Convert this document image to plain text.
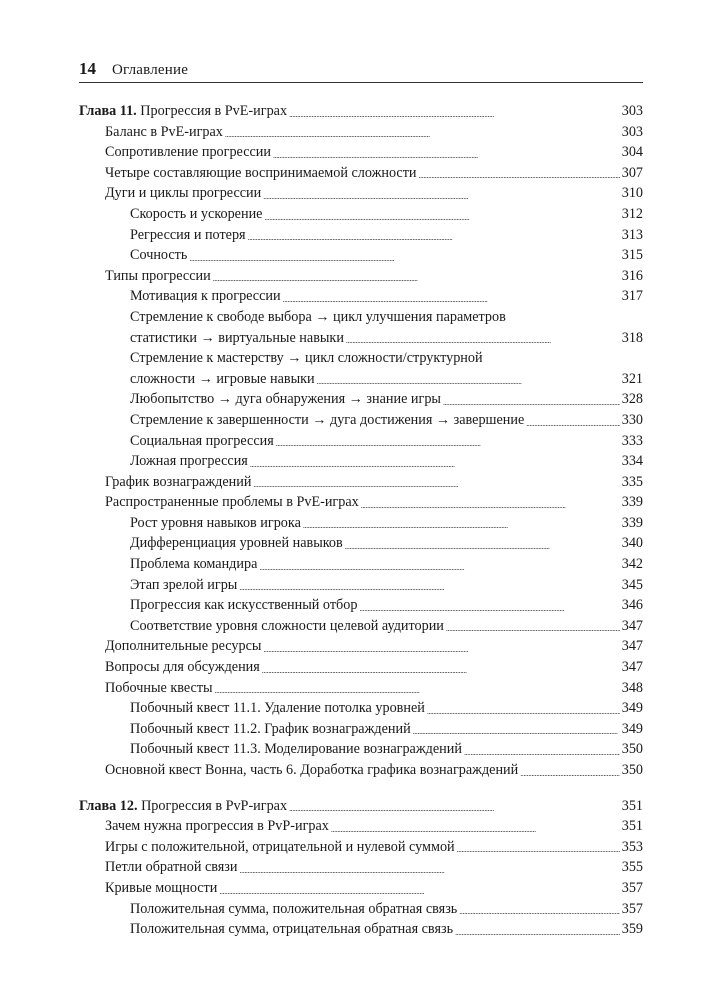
14 Оглавление
Глава 11. Прогрессия в PvE-играх . . .	303
Баланс в PvE-играх . . .	303
Сопротивление прогрессии . . .	304
Четыре составляющие воспринимаемой сложности . . .	307
Дуги и циклы прогрессии . . .	310
Скорость и ускорение . . .	312
Регрессия и потеря . . .	313
Сочность . . .	315
Типы прогрессии . . .	316
Мотивация к прогрессии . . .	317
Стремление к свободе выбора → цикл улучшения параметров
статистики → виртуальные навыки . . .	318
Стремление к мастерству → цикл сложности/структурной
сложности → игровые навыки . . .	321
Любопытство → дуга обнаружения → знание игры . . .	328
Стремление к завершенности → дуга достижения → завершение . . .	330
Социальная прогрессия . . .	333
Ложная прогрессия . . .	334
График вознаграждений . . .	335
Распространенные проблемы в PvE-играх . . .	339
Рост уровня навыков игрока . . .	339
Дифференциация уровней навыков . . .	340
Проблема командира . . .	342
Этап зрелой игры . . .	345
Прогрессия как искусственный отбор . . .	346
Соответствие уровня сложности целевой аудитории . . .	347
Дополнительные ресурсы . . .	347
Вопросы для обсуждения . . .	347
Побочные квесты . . .	348
Побочный квест 11.1. Удаление потолка уровней . . .	349
Побочный квест 11.2. График вознаграждений . . .	349
Побочный квест 11.3. Моделирование вознаграждений . . .	350
Основной квест Вонна, часть 6. Доработка графика вознаграждений . . .	350
Глава 12. Прогрессия в PvP-играх . . .	351
Зачем нужна прогрессия в PvP-играх . . .	351
Игры с положительной, отрицательной и нулевой суммой . . .	353
Петли обратной связи . . .	355
Кривые мощности . . .	357
Положительная сумма, положительная обратная связь . . .	357
Положительная сумма, отрицательная обратная связь . . .	359
